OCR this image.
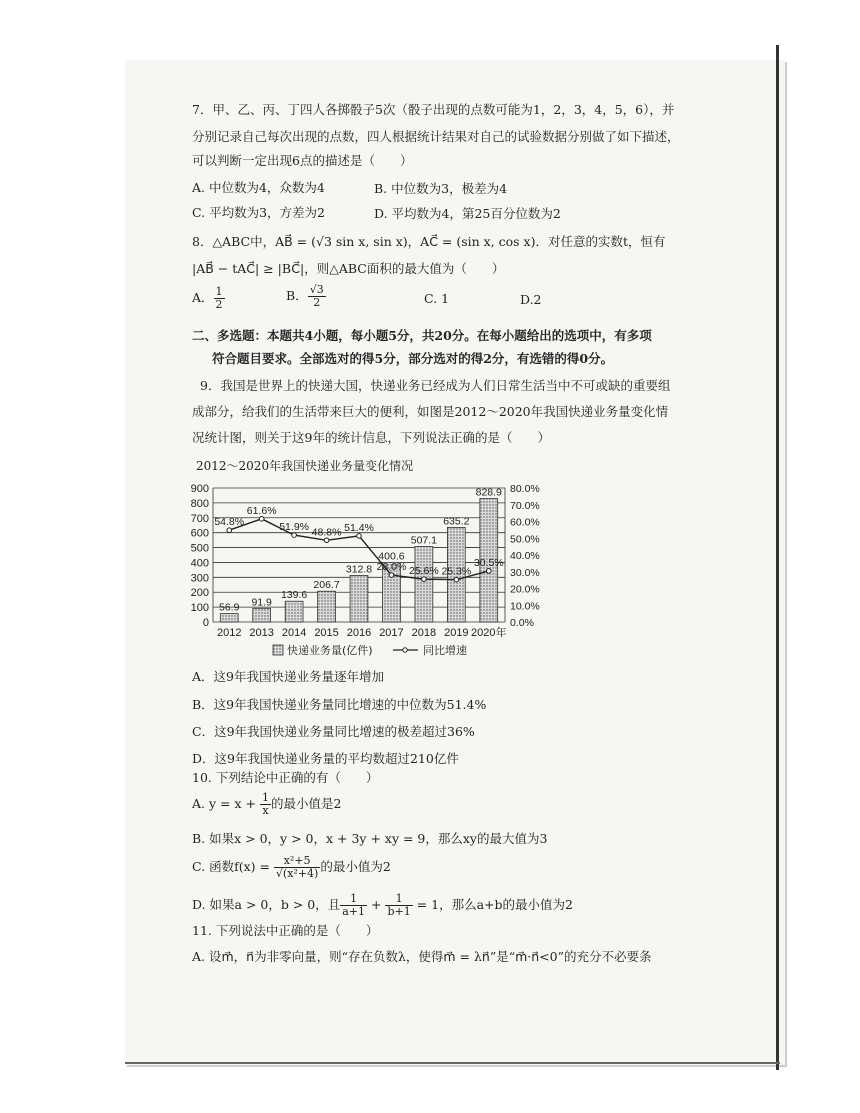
7．甲、乙、丙、丁四人各掷骰子5次（骰子出现的点数可能为1，2，3，4，5，6），并
分别记录自己每次出现的点数，四人根据统计结果对自己的试验数据分别做了如下描述，
可以判断一定出现6点的描述是（　　）
A. 中位数为4，众数为4	B. 中位数为3，极差为4
C. 平均数为3，方差为2	D. 平均数为4，第25百分位数为2
8．△ABC中，AB⃗ = (√3 sin x, sin x)，AC⃗ = (sin x, cos x)．对任意的实数t，恒有
|AB⃗ − tAC⃗| ≥ |BC⃗|，则△ABC面积的最大值为（　　）
A． $\frac{1}{2}$	B． $\frac{√3}{2}$	C. 1	D.2
二、多选题：本题共4小题，每小题5分，共20分。在每小题给出的选项中，有多项
符合题目要求。全部选对的得5分，部分选对的得2分，有选错的得0分。
9．我国是世界上的快递大国，快递业务已经成为人们日常生活当中不可或缺的重要组
成部分，给我们的生活带来巨大的便利，如图是2012～2020年我国快递业务量变化情
况统计图，则关于这9年的统计信息，下列说法正确的是（　　）
2012～2020年我国快递业务量变化情况
0
100
200
300
400
500
600
700
800
900
0.0%
10.0%
20.0%
30.0%
40.0%
50.0%
60.0%
70.0%
80.0%
56.9
2012
91.9
2013
139.6
2014
206.7
2015
312.8
2016
400.6
2017
507.1
2018
635.2
2019
828.9
2020年
54.8%
61.6%
51.9% 48.8% 51.4%
28.0% 25.6% 25.3%
30.5%
快递业务量(亿件)	同比增速
A．这9年我国快递业务量逐年增加
B．这9年我国快递业务量同比增速的中位数为51.4%
C．这9年我国快递业务量同比增速的极差超过36%
D．这9年我国快递业务量的平均数超过210亿件
10. 下列结论中正确的有（　　）
A. $y = x + \frac{1}{x}$ 的最小值是2
B. 如果x > 0，y > 0，x + 3y + xy = 9，那么xy的最大值为3
C. 函数$f(x) = \frac{\text{x²+5}}{\text{√(x²+4)}}$ 的最小值为2
D. 如果a > 0，b > 0，且 $\frac{1}{a+1} + \frac{1}{b+1} = 1$，那么a+b的最小值为2
11. 下列说法中正确的是（　　）
A. 设m⃗，n⃗为非零向量，则“存在负数λ，使得m⃗ = λn⃗”是“m⃗·n⃗<0”的充分不必要条
